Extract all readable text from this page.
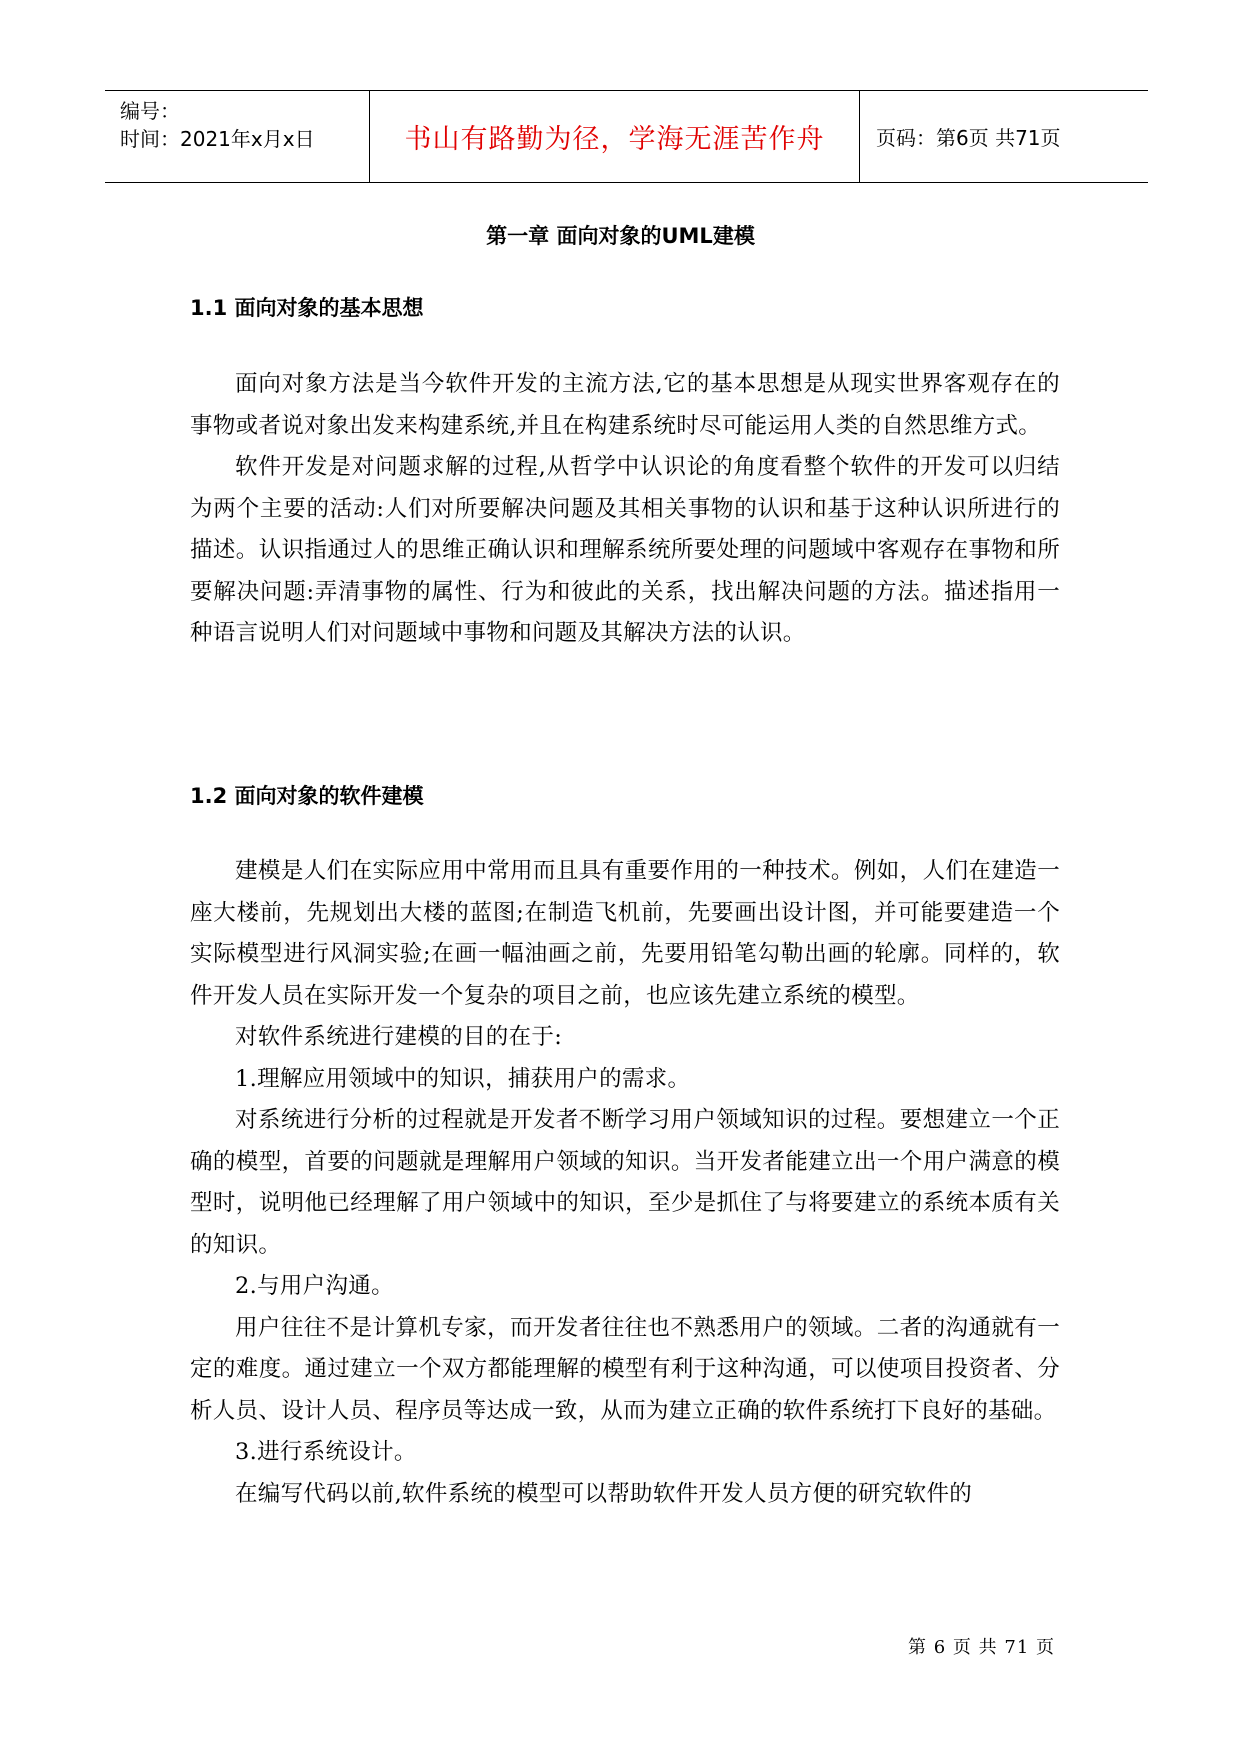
编号：
时间：2021年x月x日	书山有路勤为径，学海无涯苦作舟	页码：第6页 共71页
第一章 面向对象的UML建模
1.1 面向对象的基本思想

面向对象方法是当今软件开发的主流方法,它的基本思想是从现实世界客观存在的事物或者说对象出发来构建系统,并且在构建系统时尽可能运用人类的自然思维方式。

软件开发是对问题求解的过程,从哲学中认识论的角度看整个软件的开发可以归结为两个主要的活动:人们对所要解决问题及其相关事物的认识和基于这种认识所进行的描述。认识指通过人的思维正确认识和理解系统所要处理的问题域中客观存在事物和所要解决问题:弄清事物的属性、行为和彼此的关系，找出解决问题的方法。描述指用一种语言说明人们对问题域中事物和问题及其解决方法的认识。

1.2 面向对象的软件建模

建模是人们在实际应用中常用而且具有重要作用的一种技术。例如，人们在建造一座大楼前，先规划出大楼的蓝图;在制造飞机前，先要画出设计图，并可能要建造一个实际模型进行风洞实验;在画一幅油画之前，先要用铅笔勾勒出画的轮廓。同样的，软件开发人员在实际开发一个复杂的项目之前，也应该先建立系统的模型。

对软件系统进行建模的目的在于:

1.理解应用领域中的知识，捕获用户的需求。

对系统进行分析的过程就是开发者不断学习用户领域知识的过程。要想建立一个正确的模型，首要的问题就是理解用户领域的知识。当开发者能建立出一个用户满意的模型时，说明他已经理解了用户领域中的知识，至少是抓住了与将要建立的系统本质有关的知识。

2.与用户沟通。

用户往往不是计算机专家，而开发者往往也不熟悉用户的领域。二者的沟通就有一定的难度。通过建立一个双方都能理解的模型有利于这种沟通，可以使项目投资者、分析人员、设计人员、程序员等达成一致，从而为建立正确的软件系统打下良好的基础。

3.进行系统设计。

在编写代码以前,软件系统的模型可以帮助软件开发人员方便的研究软件的

第 6 页 共 71 页
